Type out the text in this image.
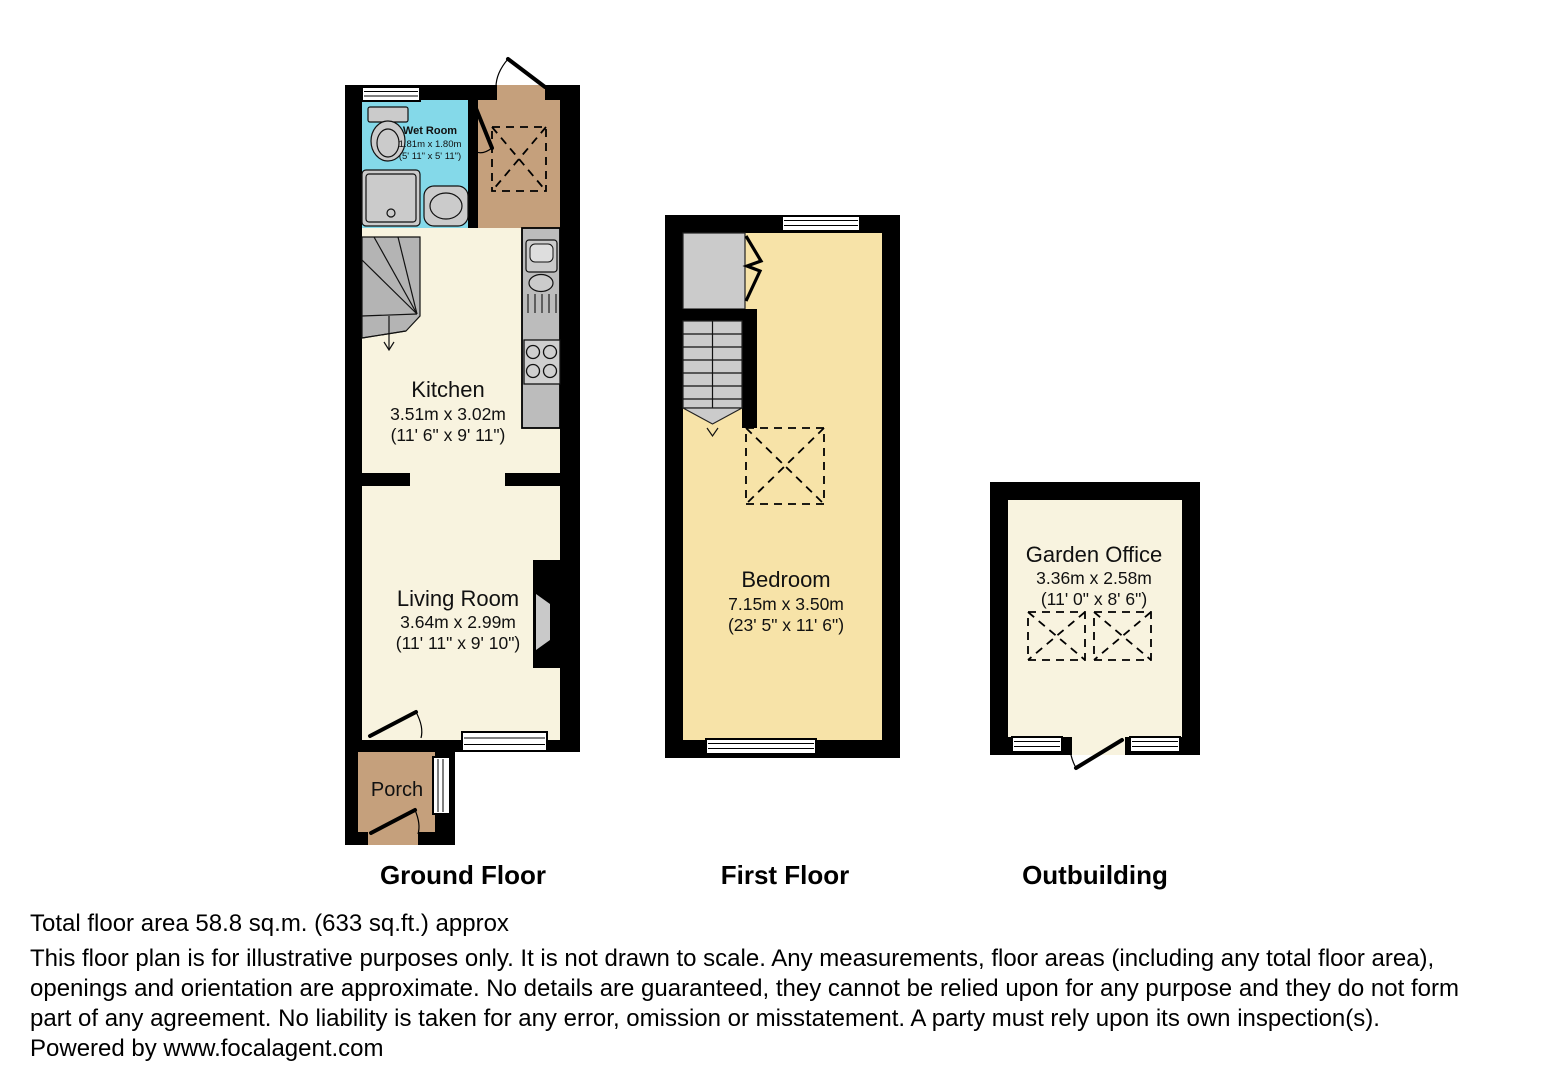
Wet Room
1.81m x 1.80m
(5' 11" x 5' 11")
Kitchen
3.51m x 3.02m
(11' 6" x 9' 11")
Living Room
3.64m x 2.99m
(11' 11" x 9' 10")
Porch
Bedroom
7.15m x 3.50m
(23' 5" x 11' 6")
Garden Office
3.36m x 2.58m
(11' 0" x 8' 6")
Ground Floor	First Floor	Outbuilding
Total floor area 58.8 sq.m. (633 sq.ft.) approx
This floor plan is for illustrative purposes only. It is not drawn to scale. Any measurements, floor areas (including any total floor area),
openings and orientation are approximate. No details are guaranteed, they cannot be relied upon for any purpose and they do not form
part of any agreement. No liability is taken for any error, omission or misstatement. A party must rely upon its own inspection(s).
Powered by www.focalagent.com
